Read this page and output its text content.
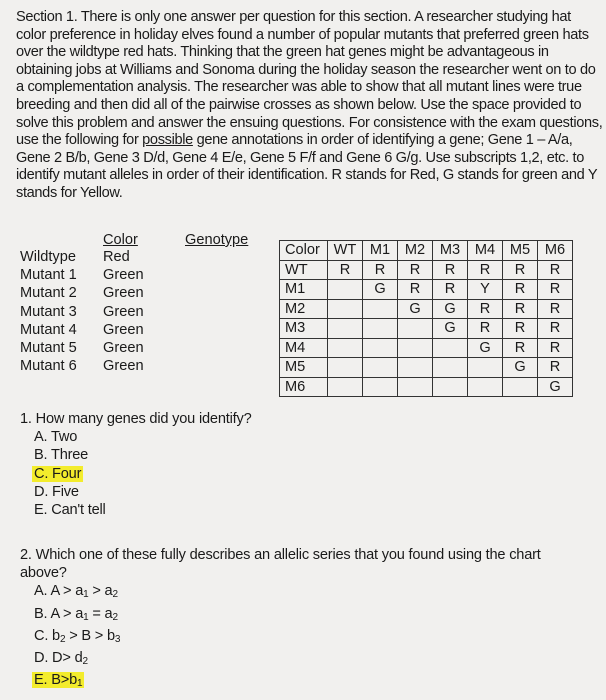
Section 1. There is only one answer per question for this section. A researcher studying hat color preference in holiday elves found a number of popular mutants that preferred green hats over the wildtype red hats. Thinking that the green hat genes might be advantageous in obtaining jobs at Williams and Sonoma during the holiday season the researcher went on to do a complementation analysis. The researcher was able to show that all mutant lines were true breeding and then did all of the pairwise crosses as shown below. Use the space provided to solve this problem and answer the ensuing questions. For consistence with the exam questions, use the following for possible gene annotations in order of identifying a gene; Gene 1 – A/a, Gene 2 B/b, Gene 3 D/d, Gene 4 E/e, Gene 5 F/f and Gene 6 G/g. Use subscripts 1,2, etc. to identify mutant alleles in order of their identification. R stands for Red, G stands for green and Y stands for Yellow.

Color	Genotype
Wildtype Red
Mutant 1 Green
Mutant 2 Green
Mutant 3 Green
Mutant 4 Green
Mutant 5 Green
Mutant 6 Green
Color	WT	M1	M2	M3	M4	M5	M6
WT	R	R	R	R	R	R	R
M1		G	R	R	Y	R	R
M2			G	G	R	R	R
M3				G	R	R	R
M4					G	R	R
M5						G	R
M6							G

1. How many genes did you identify?

A. Two
B. Three
C. Four
D. Five
E. Can't tell

2. Which one of these fully describes an allelic series that you found using the chart above?

A. $A > a_1 > a_2$
B. $A > a_1 = a_2$
C. $b_2 > B > b_3$
D. $D> d_2$
E. $B>b_1$
